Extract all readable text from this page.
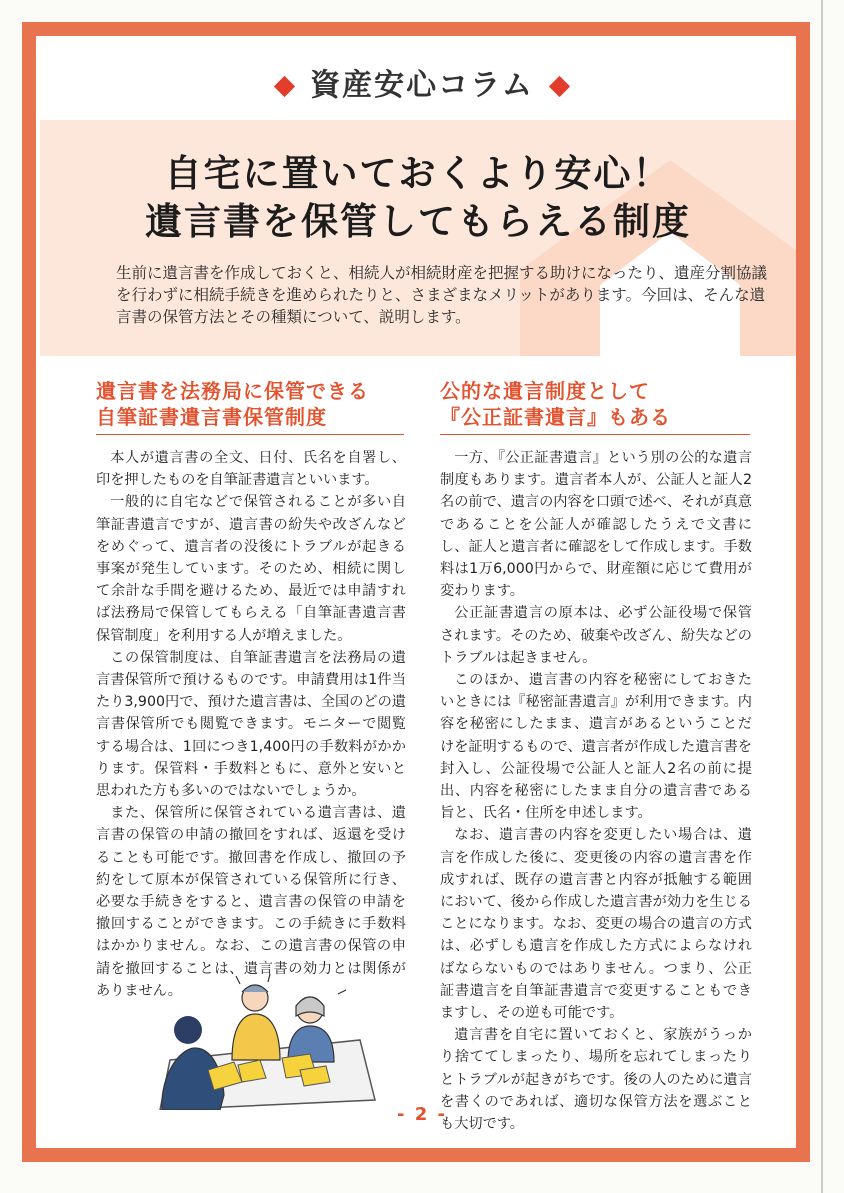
資産安心コラム
自宅に置いておくより安心！
遺言書を保管してもらえる制度
生前に遺言書を作成しておくと、相続人が相続財産を把握する助けになったり、遺産分割協議を行わずに相続手続きを進められたりと、さまざまなメリットがあります。今回は、そんな遺言書の保管方法とその種類について、説明します。
遺言書を法務局に保管できる
自筆証書遺言書保管制度

本人が遺言書の全文、日付、氏名を自署し、印を押したものを自筆証書遺言といいます。

一般的に自宅などで保管されることが多い自筆証書遺言ですが、遺言書の紛失や改ざんなどをめぐって、遺言者の没後にトラブルが起きる事案が発生しています。そのため、相続に関して余計な手間を避けるため、最近では申請すれば法務局で保管してもらえる「自筆証書遺言書保管制度」を利用する人が増えました。

この保管制度は、自筆証書遺言を法務局の遺言書保管所で預けるものです。申請費用は1件当たり3,900円で、預けた遺言書は、全国のどの遺言書保管所でも閲覧できます。モニターで閲覧する場合は、1回につき1,400円の手数料がかかります。保管料・手数料ともに、意外と安いと思われた方も多いのではないでしょうか。

また、保管所に保管されている遺言書は、遺言書の保管の申請の撤回をすれば、返還を受けることも可能です。撤回書を作成し、撤回の予約をして原本が保管されている保管所に行き、必要な手続きをすると、遺言書の保管の申請を撤回することができます。この手続きに手数料はかかりません。なお、この遺言書の保管の申請を撤回することは、遺言書の効力とは関係がありません。

公的な遺言制度として
『公正証書遺言』もある

一方、『公正証書遺言』という別の公的な遺言制度もあります。遺言者本人が、公証人と証人2名の前で、遺言の内容を口頭で述べ、それが真意であることを公証人が確認したうえで文書にし、証人と遺言者に確認をして作成します。手数料は1万6,000円からで、財産額に応じて費用が変わります。

公正証書遺言の原本は、必ず公証役場で保管されます。そのため、破棄や改ざん、紛失などのトラブルは起きません。

このほか、遺言書の内容を秘密にしておきたいときには『秘密証書遺言』が利用できます。内容を秘密にしたまま、遺言があるということだけを証明するもので、遺言者が作成した遺言書を封入し、公証役場で公証人と証人2名の前に提出、内容を秘密にしたまま自分の遺言書である旨と、氏名・住所を申述します。

なお、遺言書の内容を変更したい場合は、遺言を作成した後に、変更後の内容の遺言書を作成すれば、既存の遺言書と内容が抵触する範囲において、後から作成した遺言書が効力を生じることになります。なお、変更の場合の遺言の方式は、必ずしも遺言を作成した方式によらなければならないものではありません。つまり、公正証書遺言を自筆証書遺言で変更することもできますし、その逆も可能です。

遺言書を自宅に置いておくと、家族がうっかり捨ててしまったり、場所を忘れてしまったりとトラブルが起きがちです。後の人のために遺言を書くのであれば、適切な保管方法を選ぶことも大切です。

- 2 -
